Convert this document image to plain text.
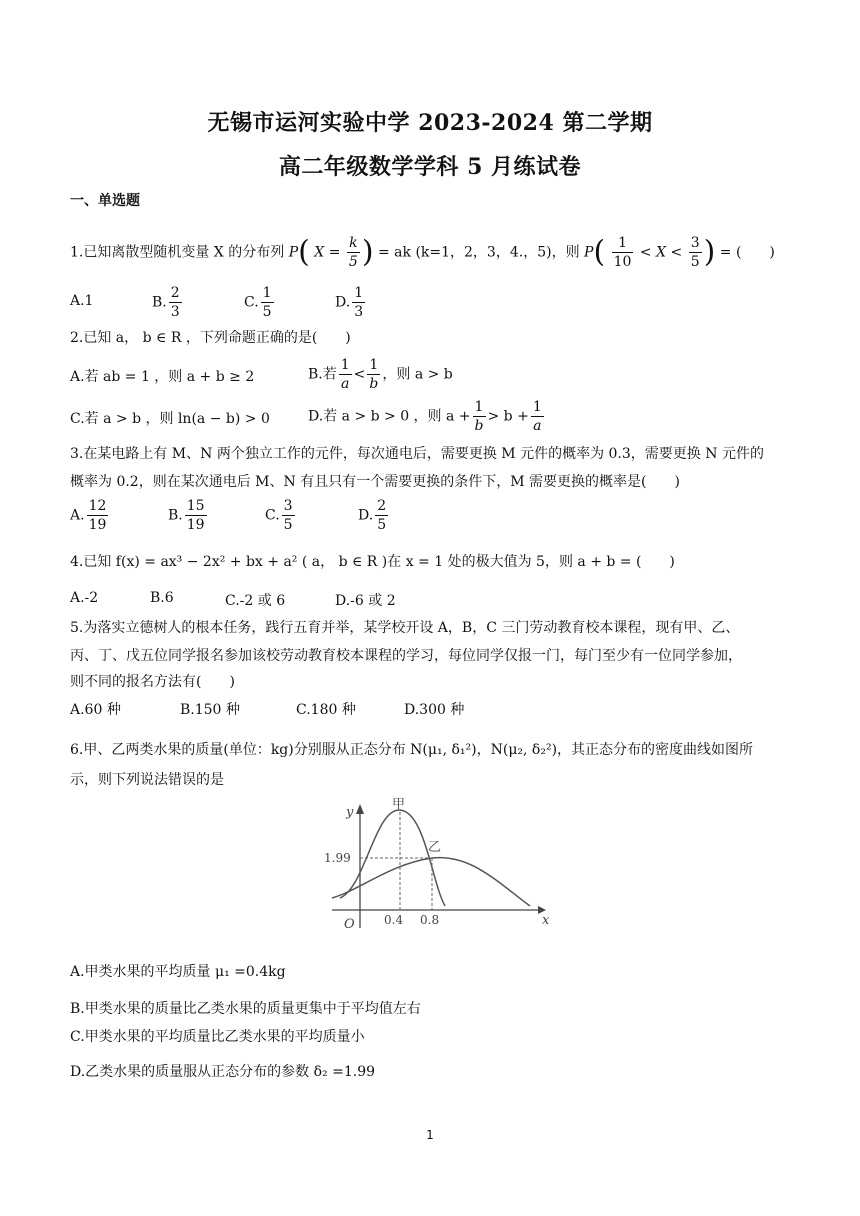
无锡市运河实验中学 2023-2024 第二学期
高二年级数学学科 5 月练试卷
一、单选题
1.已知离散型随机变量 X 的分布列 P( $X = \frac{k}{5}$ ) = ak (k=1，2，3，4.，5)，则 $P( \frac{1}{10} < X < \frac{3}{5}$ ) = (　　)
A.1	B. $\frac{2}{3}$	C. $\frac{1}{5}$	D. $\frac{1}{3}$
2.已知 a， b ∈ R ，下列命题正确的是(　　)
A.若 ab = 1 ，则 a + b ≥ 2	B.若 $\frac{1}{a} < \frac{1}{b}$ ，则 a > b
C.若 a > b ，则 ln(a − b) > 0	D.若 a > b > 0 ，则 $a + \frac{1}{b} > b + \frac{1}{a}$
3.在某电路上有 M、N 两个独立工作的元件，每次通电后，需要更换 M 元件的概率为 0.3，需要更换 N 元件的
概率为 0.2，则在某次通电后 M、N 有且只有一个需要更换的条件下，M 需要更换的概率是(　　)
A. $\frac{12}{19}$	B. $\frac{15}{19}$	C. $\frac{3}{5}$	D. $\frac{2}{5}$
4.已知 f(x) = ax³ − 2x² + bx + a² ( a， b ∈ R )在 x = 1 处的极大值为 5，则 a + b = (　　)
A.-2	B.6	C.-2 或 6	D.-6 或 2
5.为落实立德树人的根本任务，践行五育并举，某学校开设 A，B，C 三门劳动教育校本课程，现有甲、乙、
丙、丁、戊五位同学报名参加该校劳动教育校本课程的学习，每位同学仅报一门，每门至少有一位同学参加，
则不同的报名方法有(　　)
A.60 种	B.150 种	C.180 种	D.300 种
6.甲、乙两类水果的质量(单位：kg)分别服从正态分布 N(μ₁, δ₁²)，N(μ₂, δ₂²)，其正态分布的密度曲线如图所
示，则下列说法错误的是
y
x
O
甲
乙
1.99
0.4 0.8
A.甲类水果的平均质量 μ₁ =0.4kg
B.甲类水果的质量比乙类水果的质量更集中于平均值左右
C.甲类水果的平均质量比乙类水果的平均质量小
D.乙类水果的质量服从正态分布的参数 δ₂ =1.99
1
